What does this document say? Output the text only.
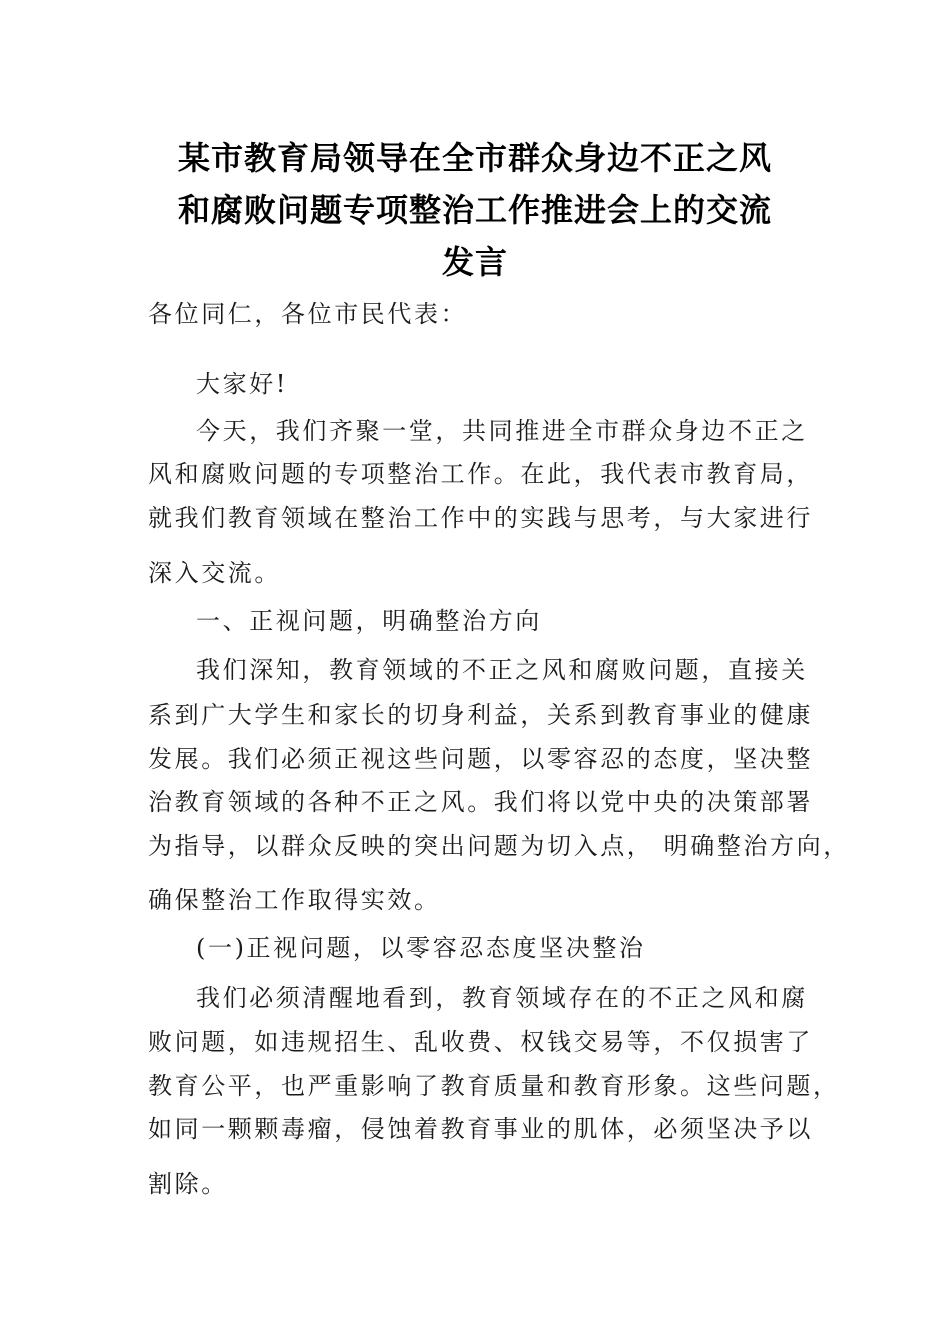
某市教育局领导在全市群众身边不正之风
和腐败问题专项整治工作推进会上的交流
发言
各位同仁，各位市民代表：
大家好!
今天，我们齐聚一堂，共同推进全市群众身边不正之
风和腐败问题的专项整治工作。在此，我代表市教育局，
就我们教育领域在整治工作中的实践与思考，与大家进行
深入交流。
一、正视问题，明确整治方向
我们深知，教育领域的不正之风和腐败问题，直接关
系到广大学生和家长的切身利益，关系到教育事业的健康
发展。我们必须正视这些问题，以零容忍的态度，坚决整
治教育领域的各种不正之风。我们将以党中央的决策部署
为指导，以群众反映的突出问题为切入点， 明确整治方向，
确保整治工作取得实效。
(一)正视问题，以零容忍态度坚决整治
我们必须清醒地看到，教育领域存在的不正之风和腐
败问题，如违规招生、乱收费、权钱交易等，不仅损害了
教育公平，也严重影响了教育质量和教育形象。这些问题，
如同一颗颗毒瘤，侵蚀着教育事业的肌体，必须坚决予以
割除。
